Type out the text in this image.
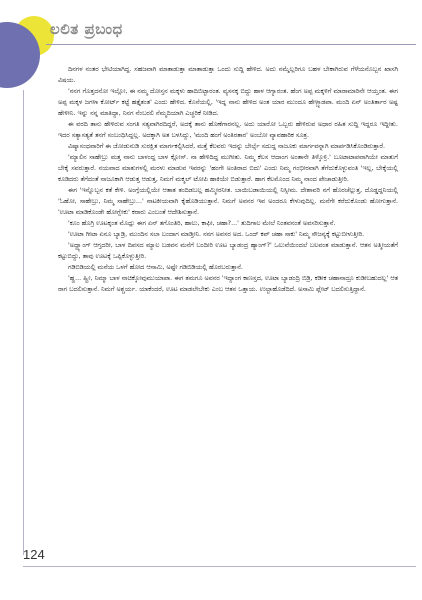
ಲಲಿತ ಪ್ರಬಂಧ

ದಿನಗಳ ನಂತರ ಭೇಟಿಯಾಗಿದ್ದ. ಸಹಜವಾಗಿ ಮಾತಾಡುತ್ತಾ ಮಾತಾಡುತ್ತಾ ಒಂದು ಸುದ್ದಿ ಹೇಳಿದ. ಅದು ನಮ್ಮೆಲ್ಲರಿಗೂ ಬಹಳ ಬೇಕಾಗಿರುವ ಗೆಳೆಯನೊಬ್ಬನ ಖಾಸಗಿ ವಿಷಯ.

'ನನಗ ಗೊತ್ತದನೋ ಇಲ್ಲೋ, ಈ ನಮ್ಮ ದೋಸ್ತನ ಮಕ್ಕಳು ಹಾದಿಬಿಟ್ಟಾರಂತ. ವ್ಯಸನಕ್ಕ ಬಿದ್ದು ಹಾಳ ಆಗ್ಯಾರಂತ. ಹೆಂಗ ಅಪ್ಪ ಮಕ್ಕಳಿಗೆ ಮಾರಾಮಾರಿನೇ ಆಯ್ತಂತ. ಈಗ ಅಪ್ಪ ಮಕ್ಕಳ ಜಗಳಾ ಕೋರ್ಟ್ ಕಟ್ಟೆ ಹತ್ತೈತಂತ' ಎಂದು ಹೇಳಿದ. ಕೊನೆಯಲ್ಲಿ, 'ಇದ್ನ ನಾನು ಹೇಳಿದ ಅಂತ ಯಾರ ಮುಂದೂ ಹೇಳ್ಬ್ಯಾಡಪಾ. ಮಂದಿ ಏನ್ ಅಂತಿರ್ತಾರ ಅಷ್ಟ ಹೇಳೀನಿ. ಇನ್ನು ನನ್ನ ಮಾತಿದ್ದಾ, ನಿನಗ ನೆಂಬರಲಿ ನೆಮ್ಮದಿಯಾಗಿ ಎಚ್ಚರಿಕೆ ನೀಡಿದ.

ಈ ವರದಿ ತಾನು ಹೇಳಿರುವ ಸಂಗತಿ ಸತ್ಯವಾಗಿರದಿದ್ದರೆ, ಅದಕ್ಕೆ ತಾನು ಹೊಣೆಗಾರನಲ್ಲ. ಅದು ಯಾರೋ ಒಬ್ಬರು ಹೇಳಿರುವ ಅಧಾರ ರಹಿತ ಸುದ್ದಿ ಇದ್ದರೂ ಇದ್ದೀತು. ಇದರ ಸತ್ಯಾಸತ್ಯತೆ ತನಗೆ ಸಂಬಂಧಿಸಿದ್ದಲ್ಲ. ಅದಕ್ಕಾಗಿ ಅತ ಬಳಸಿದ್ದು, 'ಮಂದಿ ಹಂಗೆ ಅಂತಿರತಾರ' ಅಂಬೋ ವ್ಯಾವಹಾರಿಕ ಸೂತ್ರ.

ವಿಷ್ಯಾಸಂಧವಾರಿಗೆ ಈ ಜೋಡುನುಡಿ ಸುರಕ್ಷಿತ ಮಾರ್ಗಕಲ್ಪಿಸಿದರೆ, ಮತ್ತೆ ಕೆಲವರು ಇದನ್ನು ಬೇರ್ಲ್ಸೆ ಸದುದ್ದ ನಾಜೂಕು ಮಾರ್ಗವನ್ನಾಗಿ ಮಾರ್ಪಡಿಸಿಕೊಂಡಿರುತ್ತಾರೆ.

'ಮ್ಯಾಲಿನ ಸಾಹೇಬ್ರು ಮತ್ತ ನಾನು ಬಾಳಂದ್ದ ಬಾಳ ಕ್ಲೋಸ್. ನಾ ಹೇಳಿದಿದ್ದ ಮುಗೀತು. ನಿಮ್ಮ ಕೆಲಸ ಆದಾಂಗ ಅಂತಾನೇ ತಿಳ್ಕೊಳ್ರಿ.' ಬೂಟಾಟಾಪವಾಗಿಯೇ ಮಾತುಗೆ ಬೇಕೈ ಸವರುತ್ತಾರೆ. ನಯವಾದ ಮಾತುಗಳಲ್ಲಿ ಮರಳು ಮಾಡುವ ಇವರನ್ನು 'ಹಂಗೇ ಅಂತಿರಾದ ಬಿದು' ಎಂದು ನಿಮ್ಮ ಗಂಭೀರವಾಗಿ ತೆಗೆದುಕೊಳ್ಳುವಂತಿ 'ಇಲ್ಲ, ಬೇಕ್ಕೆಯಲ್ಲಿ ಕೂಡಿದರು ತೆಗೆದಂತೆ ನಾಜೂಕಾಗಿ ಆಡುತ್ತ ಆಡುತ್ತ, ನಿಮಗೆ ಮಕ್ಮಲ್ ಟೋಪಿ ಹಾಕಿಯೇ ಬಿಡುತ್ತಾರೆ. ಹಾಗ ಕೆಲಮೊಂದ ನಿಮ್ಮ ನಾಂದ ಪೇಚಾಡುತ್ತೀರಿ.

ಈಗ 'ಇನ್ನೊಬ್ಬನ ಕತೆ ಕೇಳಿ. ಅಂಗ್ಗೆಯಲ್ಲಿಯೇ ಆತಾತ ತಂದಿಡಬಲ್ಲ ಹಮ್ಮೀರನೀತ. ಬಾಯಿಬಡಾಯಿಯಲ್ಲಿ ನಿಸ್ಸೀಮ. ದೇಶಾವರಿ ನಗೆ ಹೊರಚೆಲ್ಲುತ್ತ, ದೊಡ್ಡದ್ದನಿಯಲ್ಲಿ 'ಓಹೋ, ಸಾಹೇಬ್ರು, ನಿಮ್ಮ ಸಾಹೇಬ್ರು...' ನಾಟಕೀಯವಾಗಿ ಕೈಹೊಡಿಯುತ್ತಾನೆ. ನಿಮಗೆ ಅವನರ ಇವ ಅಂದರೂ ಕೇಳುವುದಿಲ್ಲ. ಮನೆಗೇ ಕರೆದುಕೊಂಡು ಹೋಗುತ್ತಾನೆ. 'ಊಟಾ ಮಾಡಿಕೊಂಡೇ ಹೋಗ್ಬೇಕು' ಕರಾರು ಎಂಬಂತೆ ಆದೇಶಿಸುತ್ತಾನೆ.

'ಕೂಂ ಹೊಗ್ರಿ ಊಟಕ್ಕಂತ ಮೊದ್ಲು ಈಗ ಏನ್ ತಗೊಂತಿರಿ, ಹಾಲು, ಕಾಫೀ, ಚಹಾ?...' ತುದಿಗಾಲ ಮೇಲೆ ನಿಂತವನಂತೆ ಅವಸರಿಸುತ್ತಾನೆ.

'ಊಟಾ ಗೀಟಾ ಏನೂ ಬ್ಯಾಡ್ರಿ, ಮುಂದಿನ ಸಲಾ ಬಂದಾಗ ಮಾಡ್ತೀನಿ. ನನಗ ಅವಸರ ಅದ. ಒಂದ್ ಕಪ್ ಚಹಾ ಸಾಕು' ನಿಮ್ಮ ಸೌಜನ್ಯಕ್ಕೆ ಕಟ್ಟುಬೀಳುತ್ತೀರಿ.

'ಅದ್ಹ್ಯಾಂಗ್ ಆಗ್ತದರೀ, ಬಾಳ ದಿವಸದ ಮ್ಯಾಲ ಬಡವನ ಮನೆಗೆ ಬಂದೀರಿ ಊಟ ಬ್ಯಾಡಂದ್ರ ಹ್ಯಾಂಗ್?' ಒಲುವೆಯಿಂದಲೆ ಬಲವಂತ ಮಾಡುತ್ತಾನೆ. ಆತನ ಅತ್ಮೀಯತೆಗೆ ಕಟ್ಟುಬಿದ್ದು, ತಾವು ಊಟಕ್ಕೆ ಒಪ್ಪಿಕೊಳ್ಳುತ್ತೀರಿ.

ಗಡಿಬಿಡಿಯಲ್ಲಿ ಮನೆಯ ಒಳಗೆ ಹೋದ ಆಸಾಮಿ, ಅಷ್ಟೇ ಗಡಿಬಿಡಿಯಲ್ಲಿ ಹೊರಬರುತ್ತಾನೆ.

'ಹ್ಹ... ಹ್ಹೀ, ನಿಮ್ಮಾ ಬಾಳ ನಾಚಿಕ್ಕೋವುಮುಯಾಪಾ. ಈಗ ತಮಗೂ ಅವನರ 'ಇದ್ದಾಂಗ ಕಾಣಸ್ತದ, ಊಟಾ ಬ್ಯಾಡಂದ್ರಿ ಬಿಡ್ರಿ, ಕಡೀಕ ಚಹಾನಾದ್ರೂ ಕುಡೀಬಹುದಲ್ಲ' ಆತ ರಾಗ ಬದಲಿಸುತ್ತಾನೆ. ನಿಮಗೆ ಅಶ್ಚರ್ಯ. ಯಾಕೆಂದರೆ, ಊಟ ಮಾಡಲೇಬೇಕು ಎಂಬ ಆತನ ಒತ್ತಾಯ. ಉಲ್ಟಾಹೊಡೆದಿದೆ. ಅಸಾಮಿ ಪ್ಲೇಟ್ ಬದಲಿಸುತ್ತಿದ್ದಾನೆ.

124
